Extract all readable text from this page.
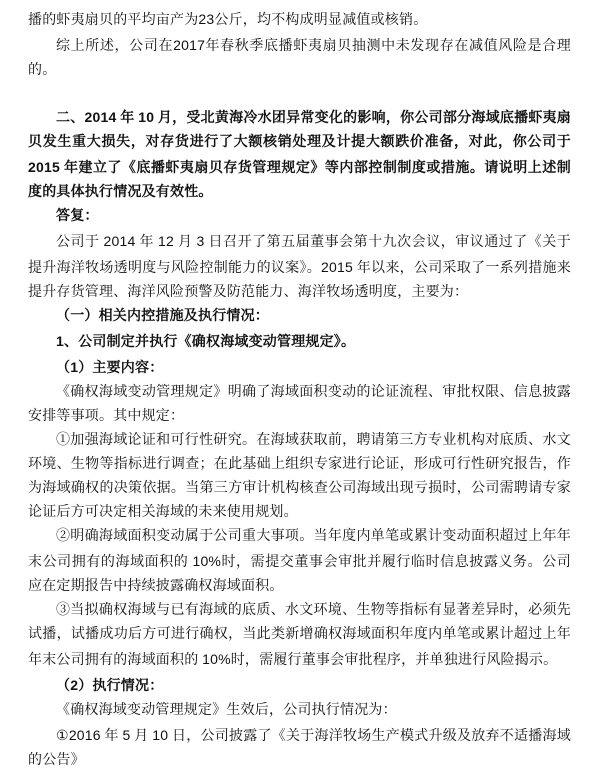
播的虾夷扇贝的平均亩产为23公斤，均不构成明显减值或核销。

综上所述，公司在2017年春秋季底播虾夷扇贝抽测中未发现存在减值风险是合理的。

二、2014 年 10 月，受北黄海冷水团异常变化的影响，你公司部分海域底播虾夷扇贝发生重大损失，对存货进行了大额核销处理及计提大额跌价准备，对此，你公司于 2015 年建立了《底播虾夷扇贝存货管理规定》等内部控制制度或措施。请说明上述制度的具体执行情况及有效性。

答复：

公司于 2014 年 12 月 3 日召开了第五届董事会第十九次会议，审议通过了《关于提升海洋牧场透明度与风险控制能力的议案》。2015 年以来，公司采取了一系列措施来提升存货管理、海洋风险预警及防范能力、海洋牧场透明度，主要为：

（一）相关内控措施及执行情况：

1、公司制定并执行《确权海域变动管理规定》。

（1）主要内容：

《确权海域变动管理规定》明确了海域面积变动的论证流程、审批权限、信息披露安排等事项。其中规定：

①加强海域论证和可行性研究。在海域获取前，聘请第三方专业机构对底质、水文环境、生物等指标进行调查；在此基础上组织专家进行论证，形成可行性研究报告，作为海域确权的决策依据。当第三方审计机构核查公司海域出现亏损时，公司需聘请专家论证后方可决定相关海域的未来使用规划。

②明确海域面积变动属于公司重大事项。当年度内单笔或累计变动面积超过上年年末公司拥有的海域面积的 10%时，需提交董事会审批并履行临时信息披露义务。公司应在定期报告中持续披露确权海域面积。

③当拟确权海域与已有海域的底质、水文环境、生物等指标有显著差异时，必须先试播，试播成功后方可进行确权，当此类新增确权海域面积年度内单笔或累计超过上年年末公司拥有的海域面积的 10%时，需履行董事会审批程序，并单独进行风险揭示。

（2）执行情况：

《确权海域变动管理规定》生效后，公司执行情况为：

①2016 年 5 月 10 日，公司披露了《关于海洋牧场生产模式升级及放弃不适播海域的公告》
